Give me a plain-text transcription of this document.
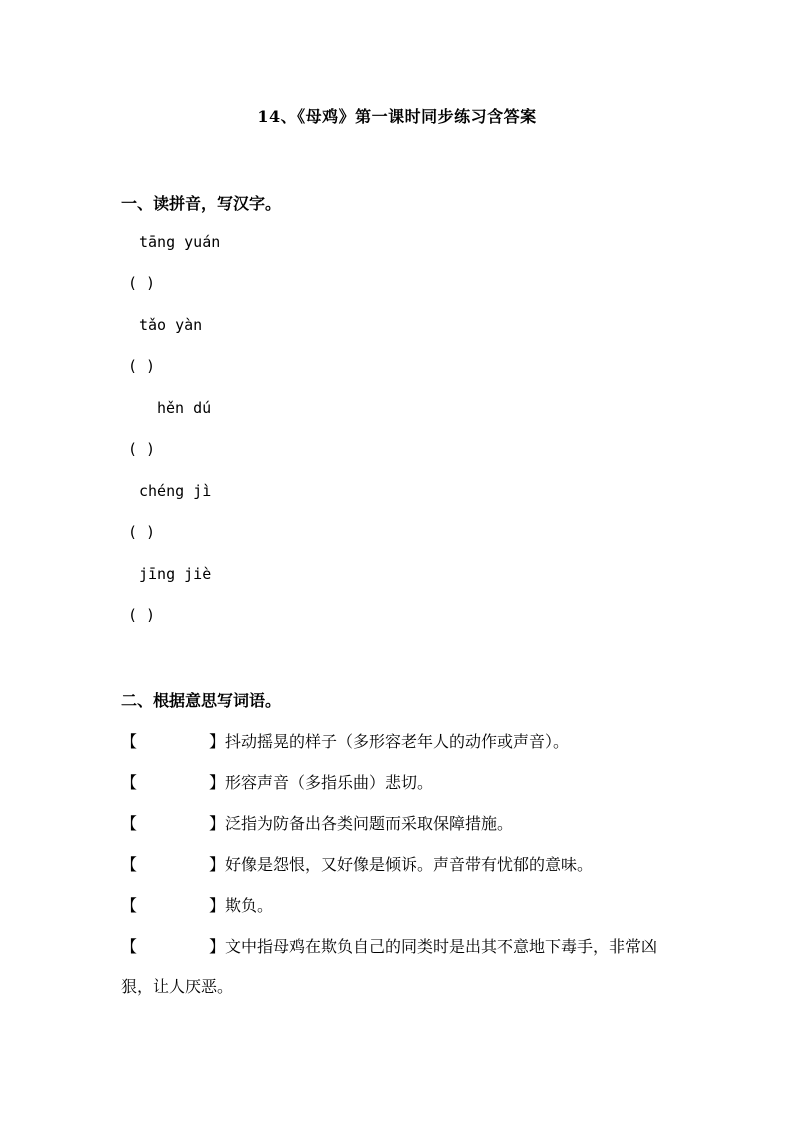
14、《母鸡》第一课时同步练习含答案
一、读拼音，写汉字。
tāng yuán
( )
tǎo yàn
( )
hěn dú
( )
chéng jì
( )
jīng jiè
( )
二、根据意思写词语。
【	】抖动摇晃的样子（多形容老年人的动作或声音）。
【	】形容声音（多指乐曲）悲切。
【	】泛指为防备出各类问题而采取保障措施。
【	】好像是怨恨，又好像是倾诉。声音带有忧郁的意味。
【	】欺负。
【	】文中指母鸡在欺负自己的同类时是出其不意地下毒手，非常凶狠，让人厌恶。
